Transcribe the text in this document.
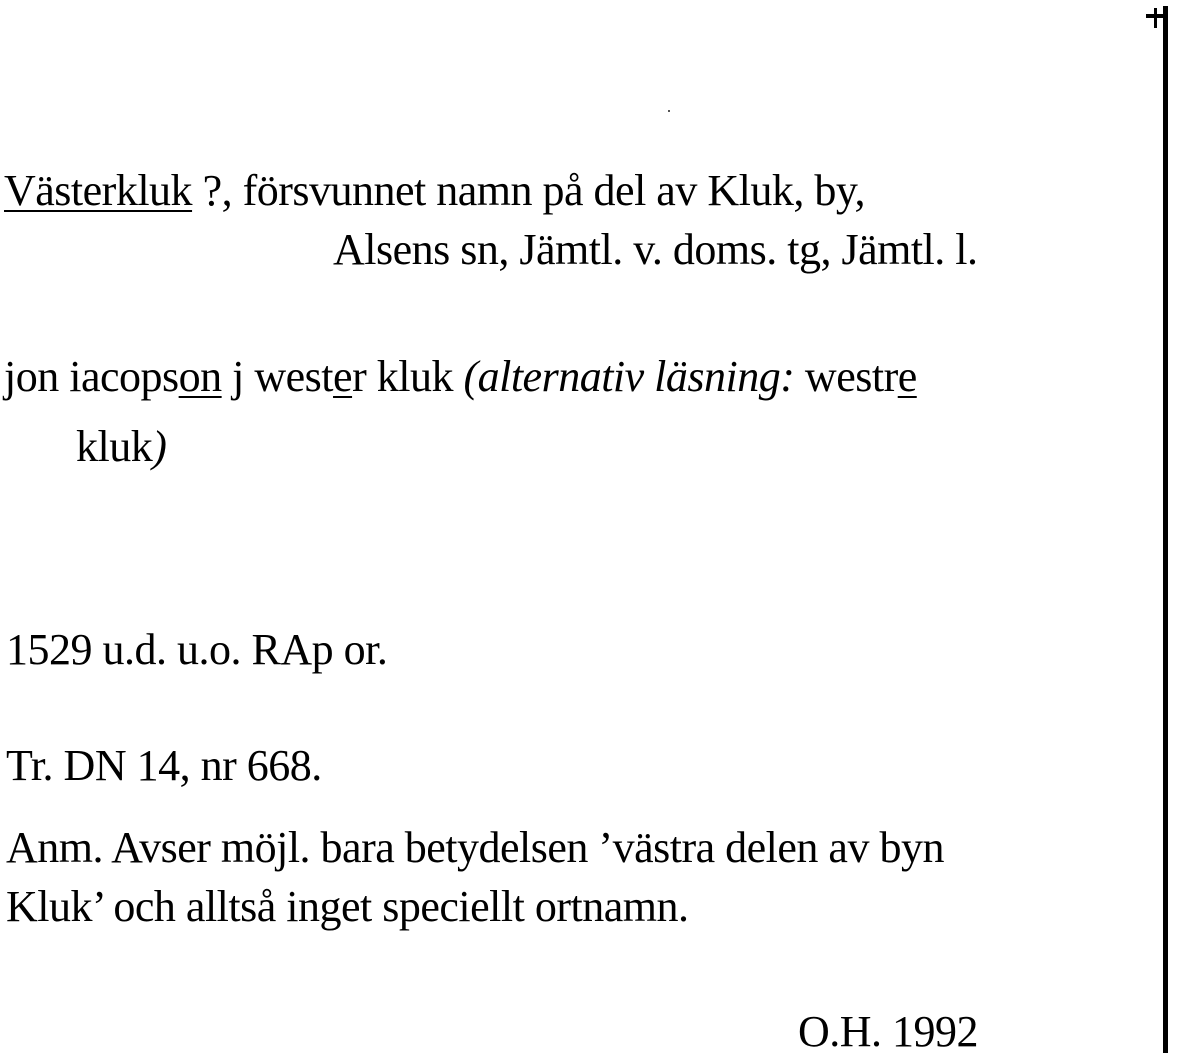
Västerkluk ?, försvunnet namn på del av Kluk, by,
Alsens sn, Jämtl. v. doms. tg, Jämtl. l.
jon iacopson j wester kluk (alternativ läsning: westre
kluk)
1529 u.d. u.o. RAp or.
Tr. DN 14, nr 668.
Anm. Avser möjl. bara betydelsen ’västra delen av byn
Kluk’ och alltså inget speciellt ortnamn.
O.H. 1992
